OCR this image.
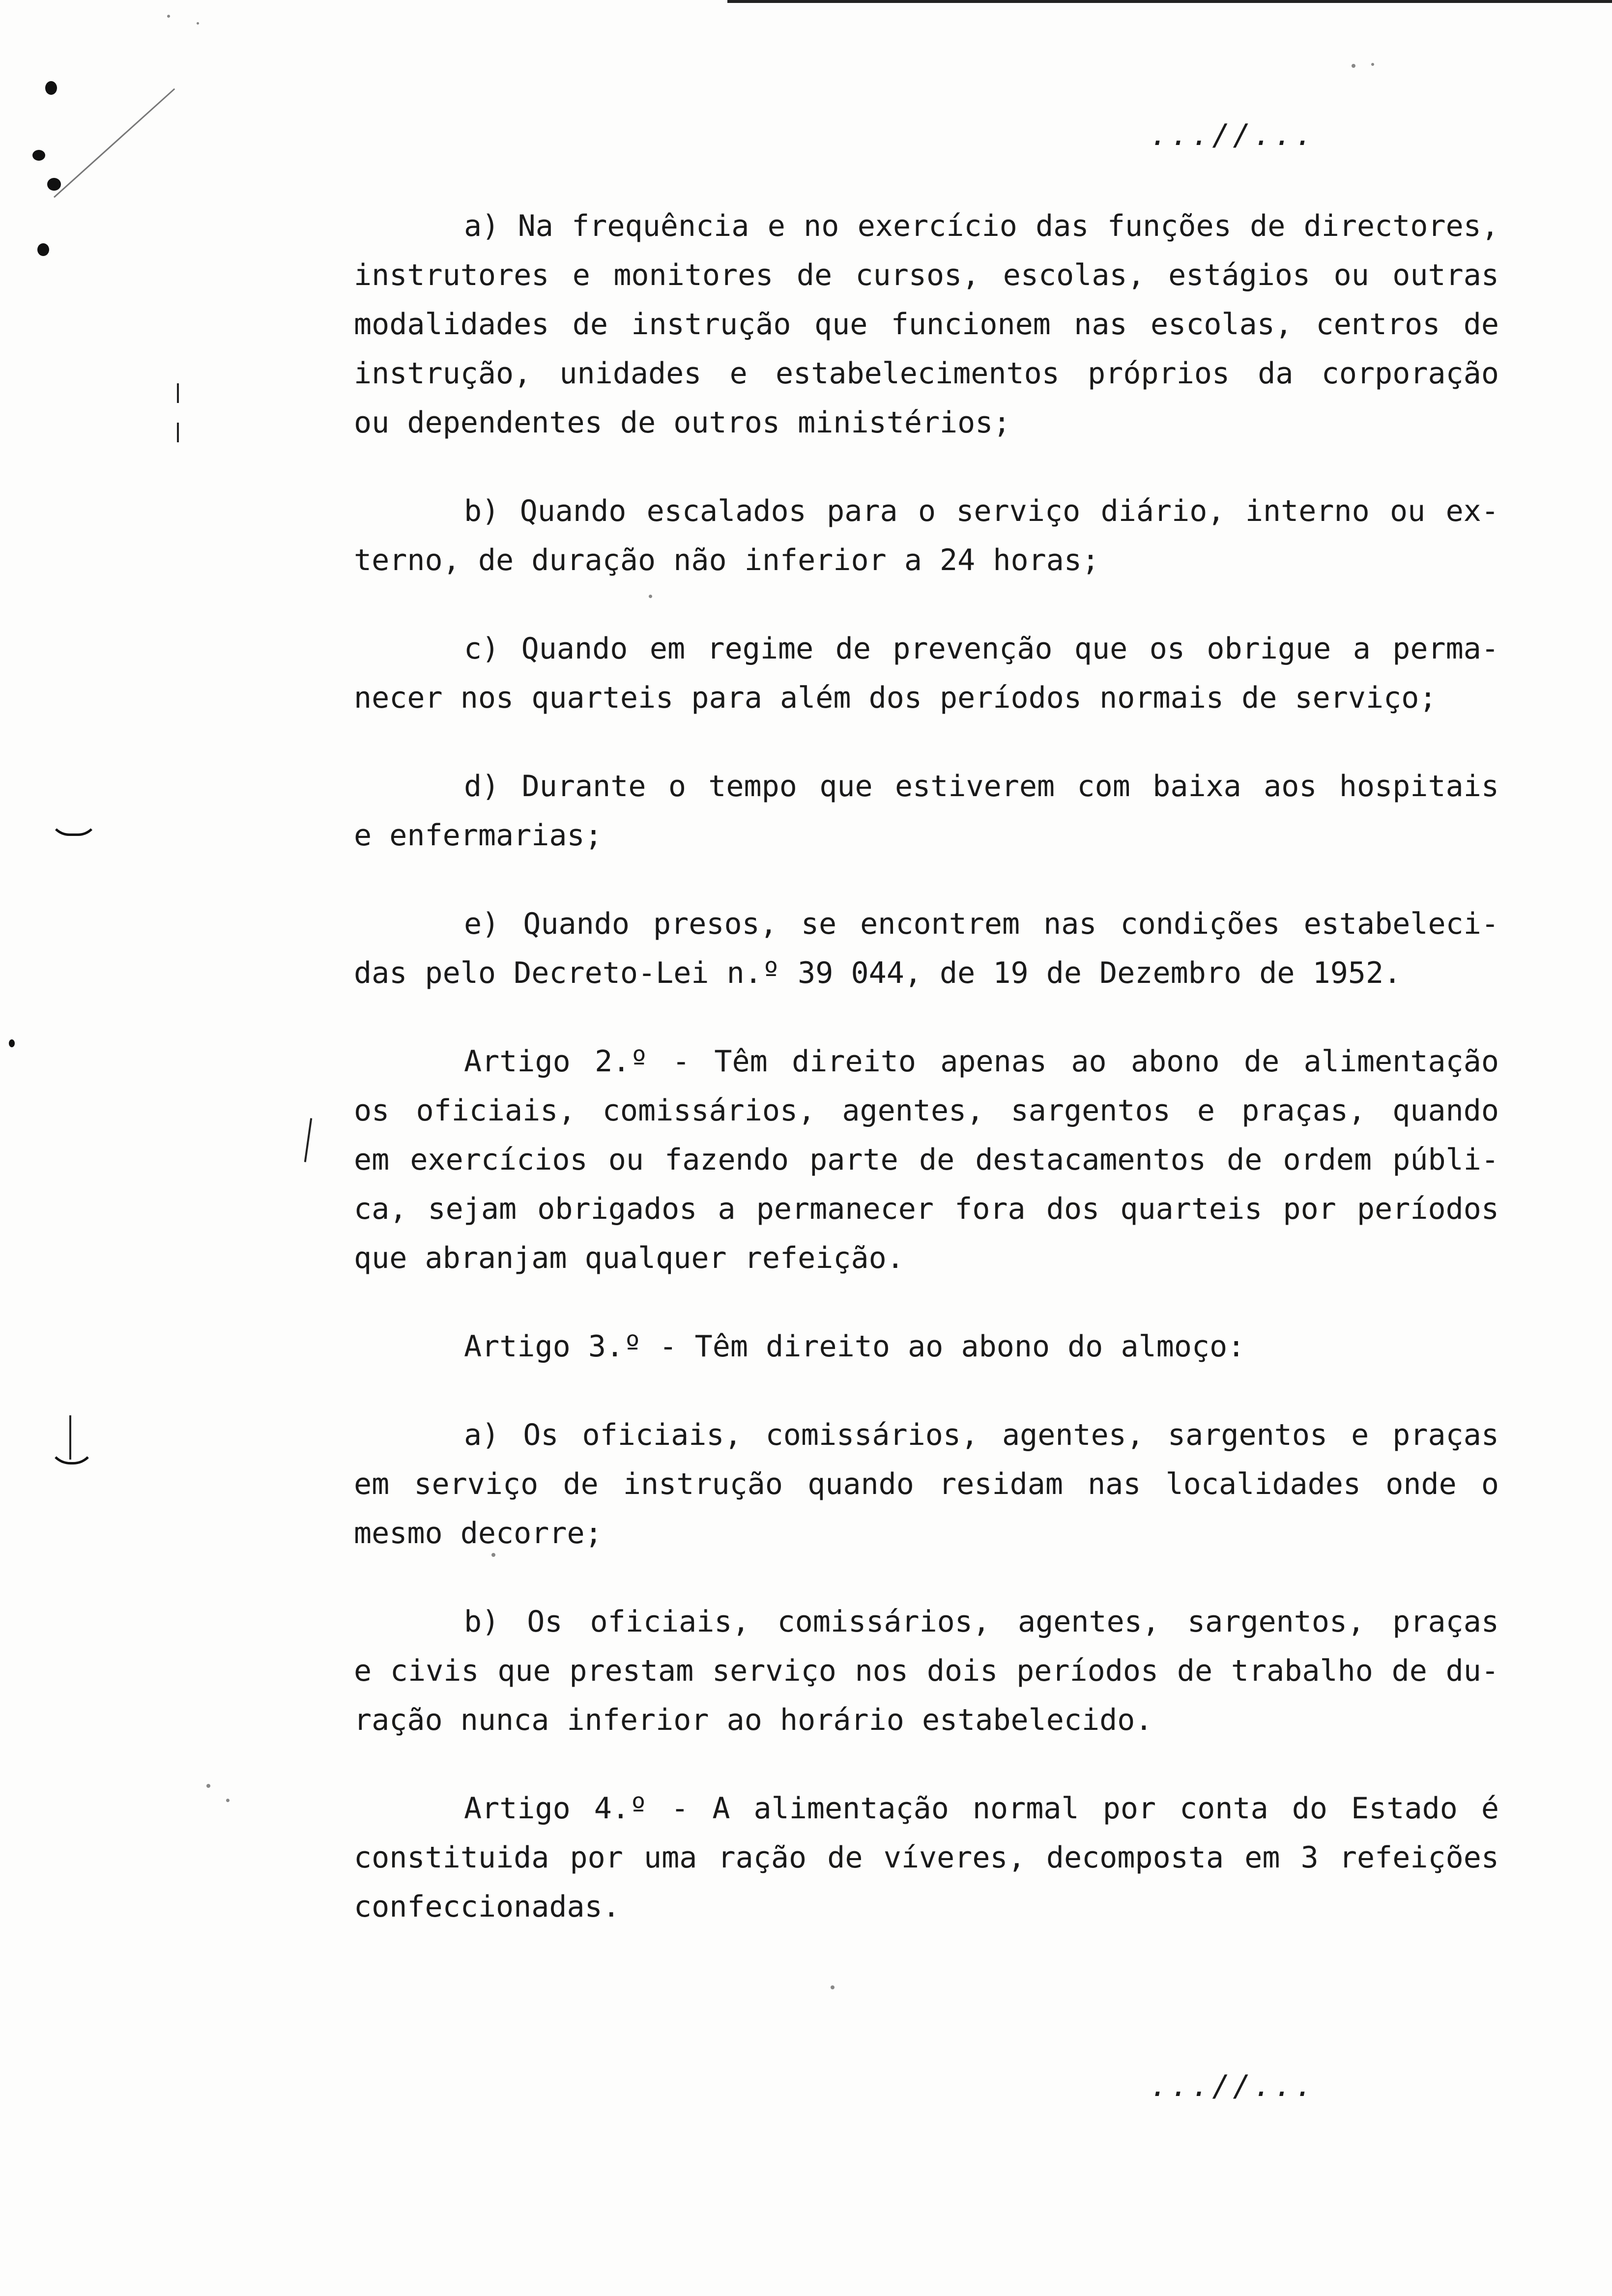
...//...

a) Na frequência e no exercício das funções de directores,
instrutores e monitores de cursos, escolas, estágios ou outras
modalidades de instrução que funcionem nas escolas, centros de
instrução, unidades e estabelecimentos próprios da corporação
ou dependentes de outros ministérios;

b) Quando escalados para o serviço diário, interno ou ex-
terno, de duração não inferior a 24 horas;

c) Quando em regime de prevenção que os obrigue a perma-
necer nos quarteis para além dos períodos normais de serviço;

d) Durante o tempo que estiverem com baixa aos hospitais
e enfermarias;

e) Quando presos, se encontrem nas condições estabeleci-
das pelo Decreto-Lei n.º 39 044, de 19 de Dezembro de 1952.

Artigo 2.º - Têm direito apenas ao abono de alimentação
os oficiais, comissários, agentes, sargentos e praças, quando
em exercícios ou fazendo parte de destacamentos de ordem públi-
ca, sejam obrigados a permanecer fora dos quarteis por períodos
que abranjam qualquer refeição.

Artigo 3.º - Têm direito ao abono do almoço:

a) Os oficiais, comissários, agentes, sargentos e praças
em serviço de instrução quando residam nas localidades onde o
mesmo decorre;

b) Os oficiais, comissários, agentes, sargentos, praças
e civis que prestam serviço nos dois períodos de trabalho de du-
ração nunca inferior ao horário estabelecido.

Artigo 4.º - A alimentação normal por conta do Estado é
constituida por uma ração de víveres, decomposta em 3 refeições
confeccionadas.

...//...
